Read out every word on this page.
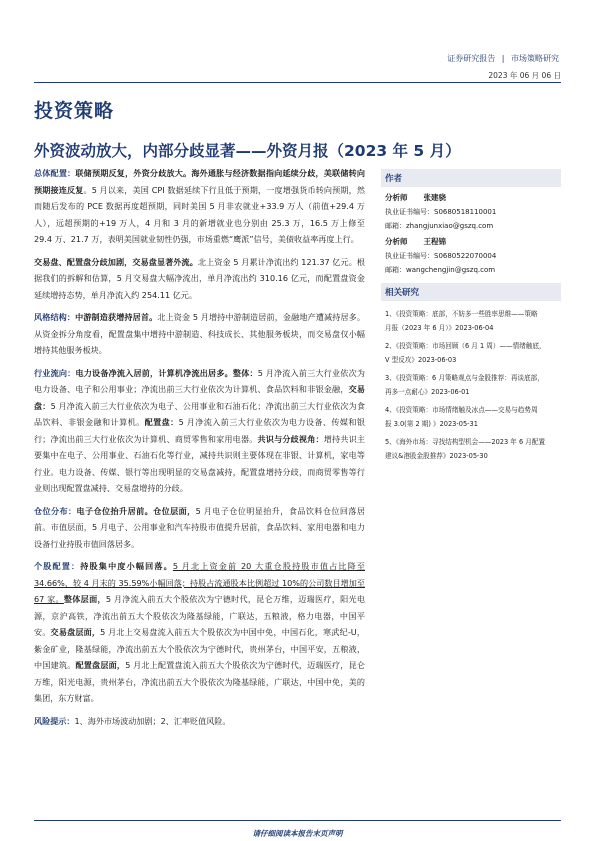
证券研究报告 | 市场策略研究
2023 年 06 月 06 日
投资策略
外资波动放大，内部分歧显著——外资月报（2023 年 5 月）

总体配置：联储预期反复，外资分歧放大。海外通胀与经济数据指向延续分歧，美联储转向预期接连反复。5 月以来，美国 CPI 数据延续下行且低于预期，一度增强货币转向预期，然而随后发布的 PCE 数据再度超预期，同时美国 5 月非农就业+33.9 万人（前值+29.4 万人），远超预期的+19 万人，4 月和 3 月的新增就业也分别由 25.3 万，16.5 万上修至 29.4 万、21.7 万，表明美国就业韧性仍强，市场重燃“鹰派”信号，美债收益率再度上行。

交易盘、配置盘分歧加剧，交易盘显著外流。北上资金 5 月累计净流出约 121.37 亿元。根据我们的拆解和估算，5 月交易盘大幅净流出，单月净流出约 310.16 亿元，而配置盘资金延续增持态势，单月净流入约 254.11 亿元。

风格结构：中游制造获增持居首。北上资金 5 月增持中游制造居前，金融地产遭减持居多。从资金拆分角度看，配置盘集中增持中游制造、科技成长、其他服务板块，而交易盘仅小幅增持其他服务板块。

行业流向：电力设备净流入居前，计算机净流出居多。整体：5 月净流入前三大行业依次为电力设备、电子和公用事业；净流出前三大行业依次为计算机、食品饮料和非银金融，交易盘：5 月净流入前三大行业依次为电子、公用事业和石油石化；净流出前三大行业依次为食品饮料、非银金融和计算机。配置盘：5 月净流入前三大行业依次为电力设备、传媒和银行；净流出前三大行业依次为计算机、商贸零售和家用电器。共识与分歧视角：增持共识主要集中在电子、公用事业、石油石化等行业，减持共识则主要体现在非银、计算机，家电等行业。电力设备、传媒、银行等出现明显的交易盘减持，配置盘增持分歧，而商贸零售等行业则出现配置盘减持、交易盘增持的分歧。

仓位分布：电子仓位抬升居前。仓位层面，5 月电子仓位明显抬升，食品饮料仓位回落居前。市值层面，5 月电子、公用事业和汽车持股市值提升居前，食品饮料、家用电器和电力设备行业持股市值回落居多。

个股配置：持股集中度小幅回落。5 月北上资金前 20 大重仓股持股市值占比降至 34.66%，较 4 月末的 35.59%小幅回落；持股占流通股本比例超过 10%的公司数目增加至 67 家。整体层面，5 月净流入前五大个股依次为宁德时代，昆仑万维，迈瑞医疗，阳光电源，京沪高铁，净流出前五大个股依次为隆基绿能，广联达，五粮液，格力电器，中国平安。交易盘层面，5 月北上交易盘流入前五大个股依次为中国中免，中国石化，寒武纪-U，紫金矿业，隆基绿能，净流出前五大个股依次为宁德时代，贵州茅台，中国平安，五粮液，中国建筑。配置盘层面，5 月北上配置盘流入前五大个股依次为宁德时代，迈瑞医疗，昆仑万维，阳光电源，贵州茅台，净流出前五大个股依次为隆基绿能，广联达，中国中免，美的集团，东方财富。

风险提示：1、海外市场波动加剧；2、汇率贬值风险。

作者
分析师 张建骁
执业证书编号：S0680518110001
邮箱：zhangjunxiao@gszq.com
分析师 王程锦
执业证书编号：S0680522070004
邮箱：wangchengjin@gszq.com
相关研究
1、《投资策略：底部，不妨多一些胜率思维——策略
月报（2023 年 6 月）》2023-06-04
2、《投资策略：市场回顾（6 月 1 周）——情绪触底，
V 型反攻》2023-06-03
3、《投资策略：6 月策略观点与金股推荐：再谈底部，
再多一点耐心》2023-06-01
4、《投资策略：市场情绪触及冰点——交易与趋势周
报 3.0(第 2 期) 》2023-05-31
5、《海外市场：寻找结构型机会——2023 年 6 月配置
建议&港股金股推荐》2023-05-30
请仔细阅读本报告末页声明
